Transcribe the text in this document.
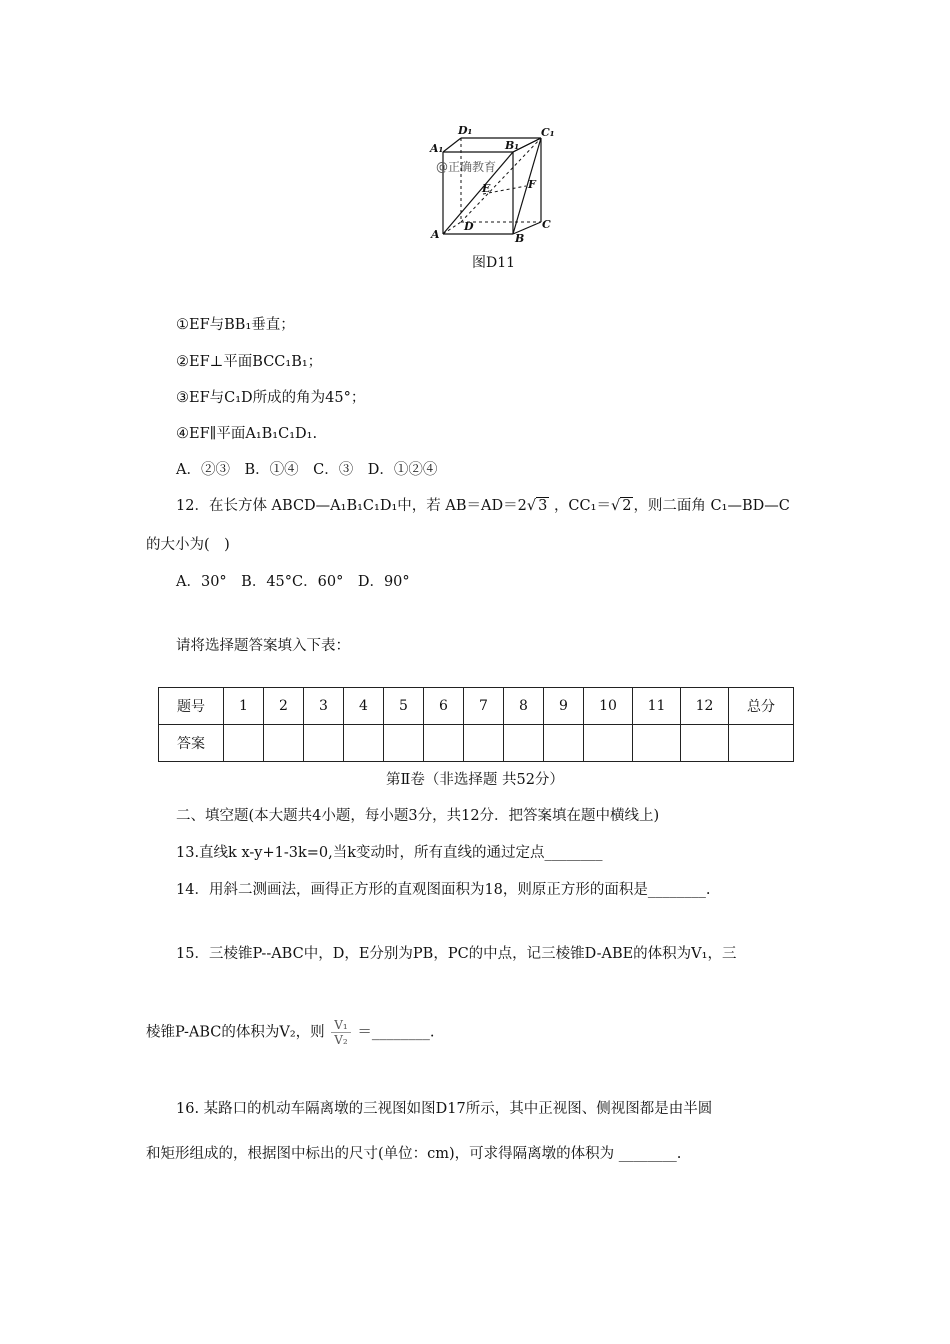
A₁
D₁
B₁
C₁
E	F
A
D
B
C
@正确教育
图D11
①EF与BB₁垂直；
②EF⊥平面BCC₁B₁；
③EF与C₁D所成的角为45°；
④EF∥平面A₁B₁C₁D₁.
A．②③　B．①④　C．③　D．①②④
12．在长方体 ABCD—A₁B₁C₁D₁中，若 AB＝AD＝2√ 3 ，CC₁＝√ 2 ，则二面角 C₁—BD—C
的大小为(　)
A．30°　B．45°C．60°　D．90°
请将选择题答案填入下表：
题号	1	2	3	4	5	6	7	8	9	10	11	12	总分
答案													
第Ⅱ卷（非选择题 共52分）
二、填空题(本大题共4小题，每小题3分，共12分．把答案填在题中横线上)
13.直线k x-y+1-3k=0,当k变动时，所有直线的通过定点________
14．用斜二测画法，画得正方形的直观图面积为18，则原正方形的面积是________.
15．三棱锥P--ABC中，D，E分别为PB，PC的中点，记三棱锥D-ABE的体积为V₁，三
棱锥P-ABC的体积为V₂，则 $\frac{\text{V₁}}{\text{V₂}}$ ＝________.
16. 某路口的机动车隔离墩的三视图如图D17所示，其中正视图、侧视图都是由半圆
和矩形组成的，根据图中标出的尺寸(单位：cm)，可求得隔离墩的体积为 ________.
